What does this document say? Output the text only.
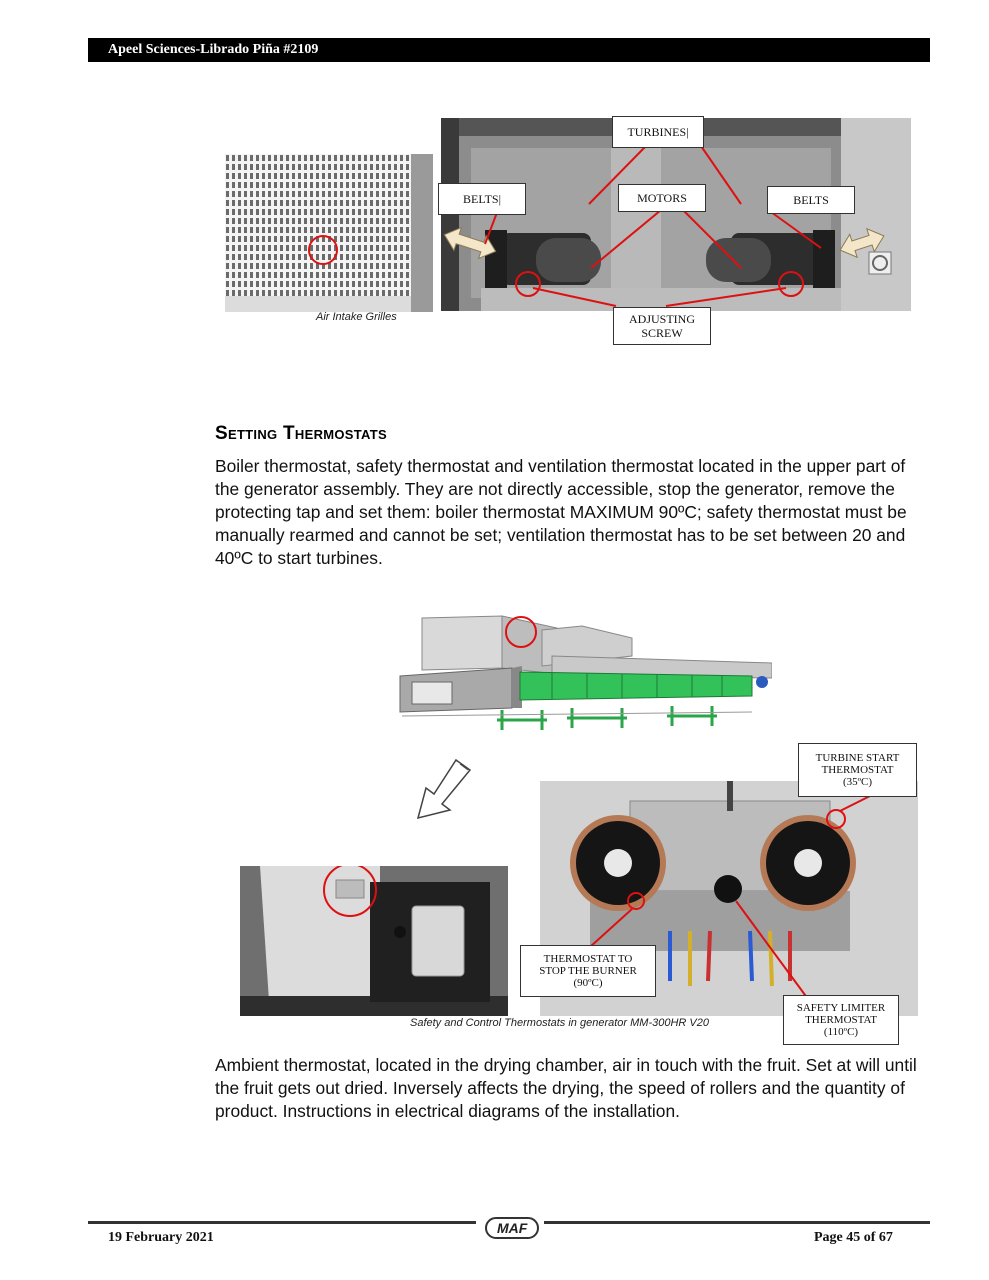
Apeel Sciences-Librado Piña #2109
Air Intake Grilles
TURBINES|
BELTS|	MOTORS	BELTS
ADJUSTING SCREW
Setting Thermostats
Boiler thermostat, safety thermostat and ventilation thermostat located in the upper part of the generator assembly. They are not directly accessible, stop the generator, remove the protecting tap and set them: boiler thermostat MAXIMUM 90ºC; safety thermostat must be manually rearmed and cannot be set; ventilation thermostat has to be set between 20 and 40ºC to start turbines.
TURBINE START
THERMOSTAT
(35ºC)
THERMOSTAT TO
STOP THE BURNER
(90ºC)
SAFETY LIMITER
THERMOSTAT
(110ºC)
Safety and Control Thermostats in generator MM-300HR V20
Ambient thermostat, located in the drying chamber, air in touch with the fruit. Set at will until the fruit gets out dried. Inversely affects the drying, the speed of rollers and the quantity of product. Instructions in electrical diagrams of the installation.
MAF
19 February 2021	Page 45 of 67
